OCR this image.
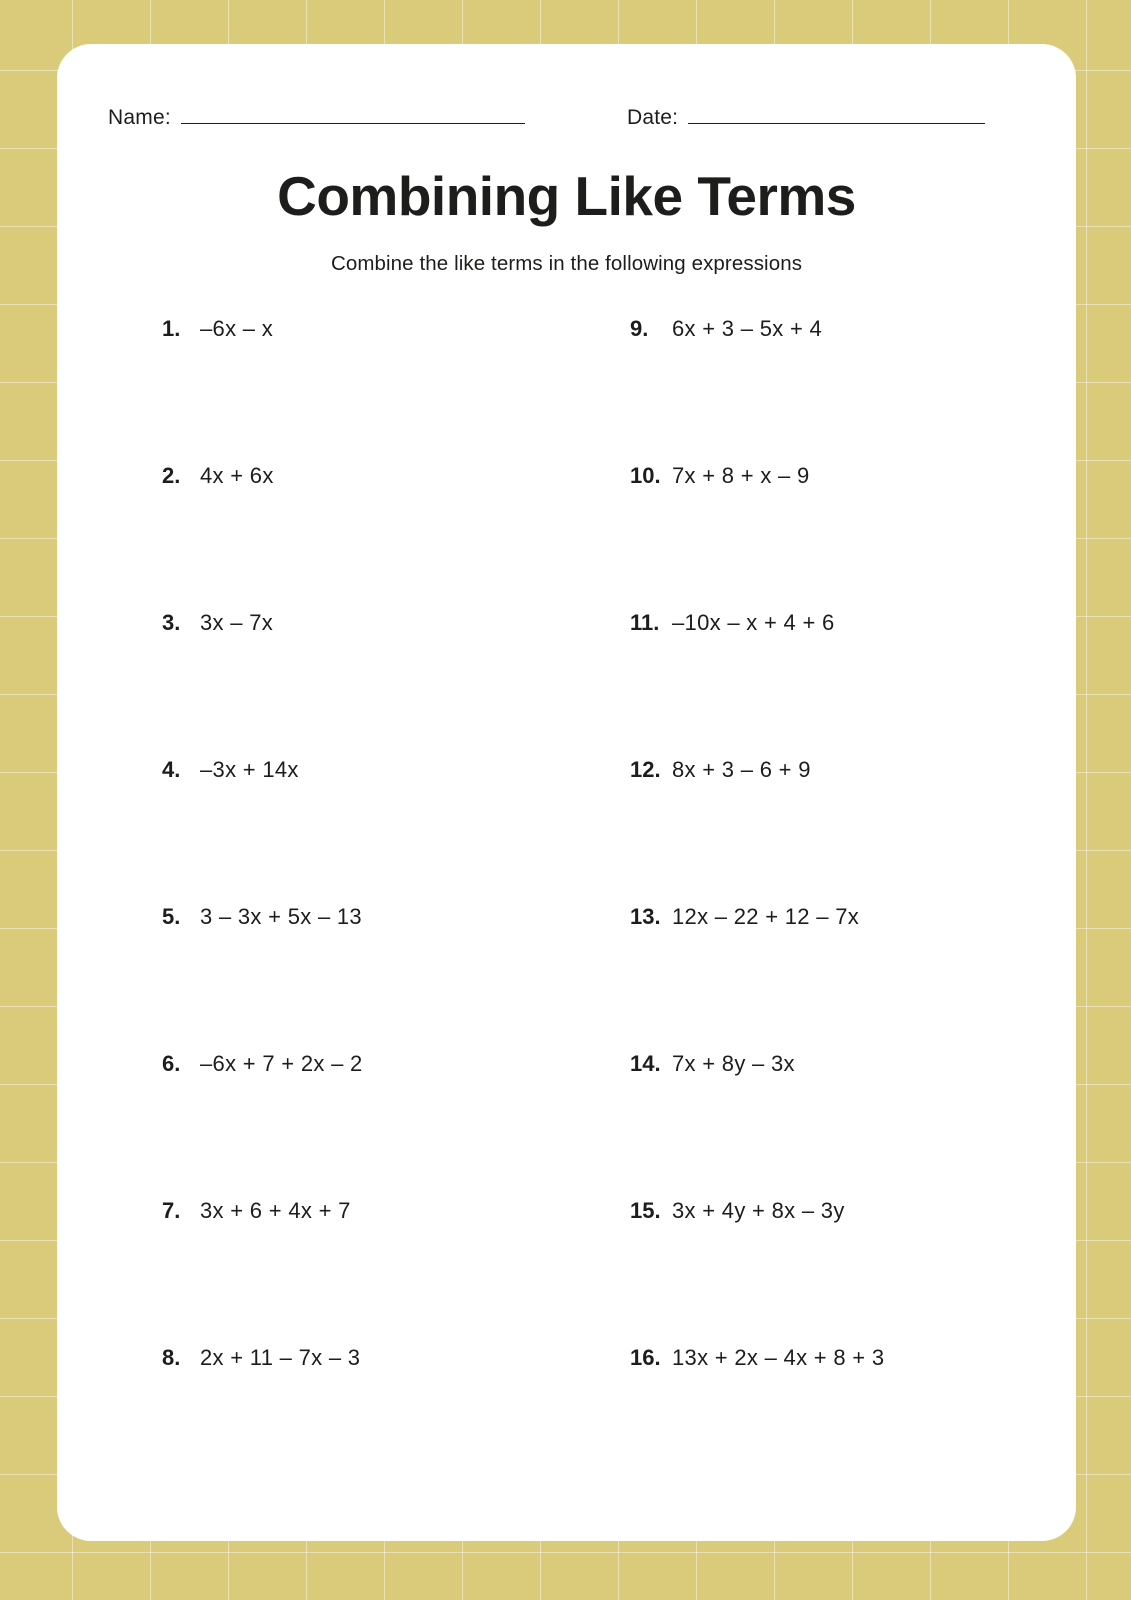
Name:	Date:
Combining Like Terms
Combine the like terms in the following expressions
1. –6x – x
2. 4x + 6x
3. 3x – 7x
4. –3x + 14x
5. 3 – 3x + 5x – 13
6. –6x + 7 + 2x – 2
7. 3x + 6 + 4x + 7
8. 2x + 11 – 7x – 3
9.	6x + 3 – 5x + 4
10. 7x + 8 + x – 9
11. –10x – x + 4 + 6
12. 8x + 3 – 6 + 9
13. 12x – 22 + 12 – 7x
14. 7x + 8y – 3x
15. 3x + 4y + 8x – 3y
16. 13x + 2x – 4x + 8 + 3
